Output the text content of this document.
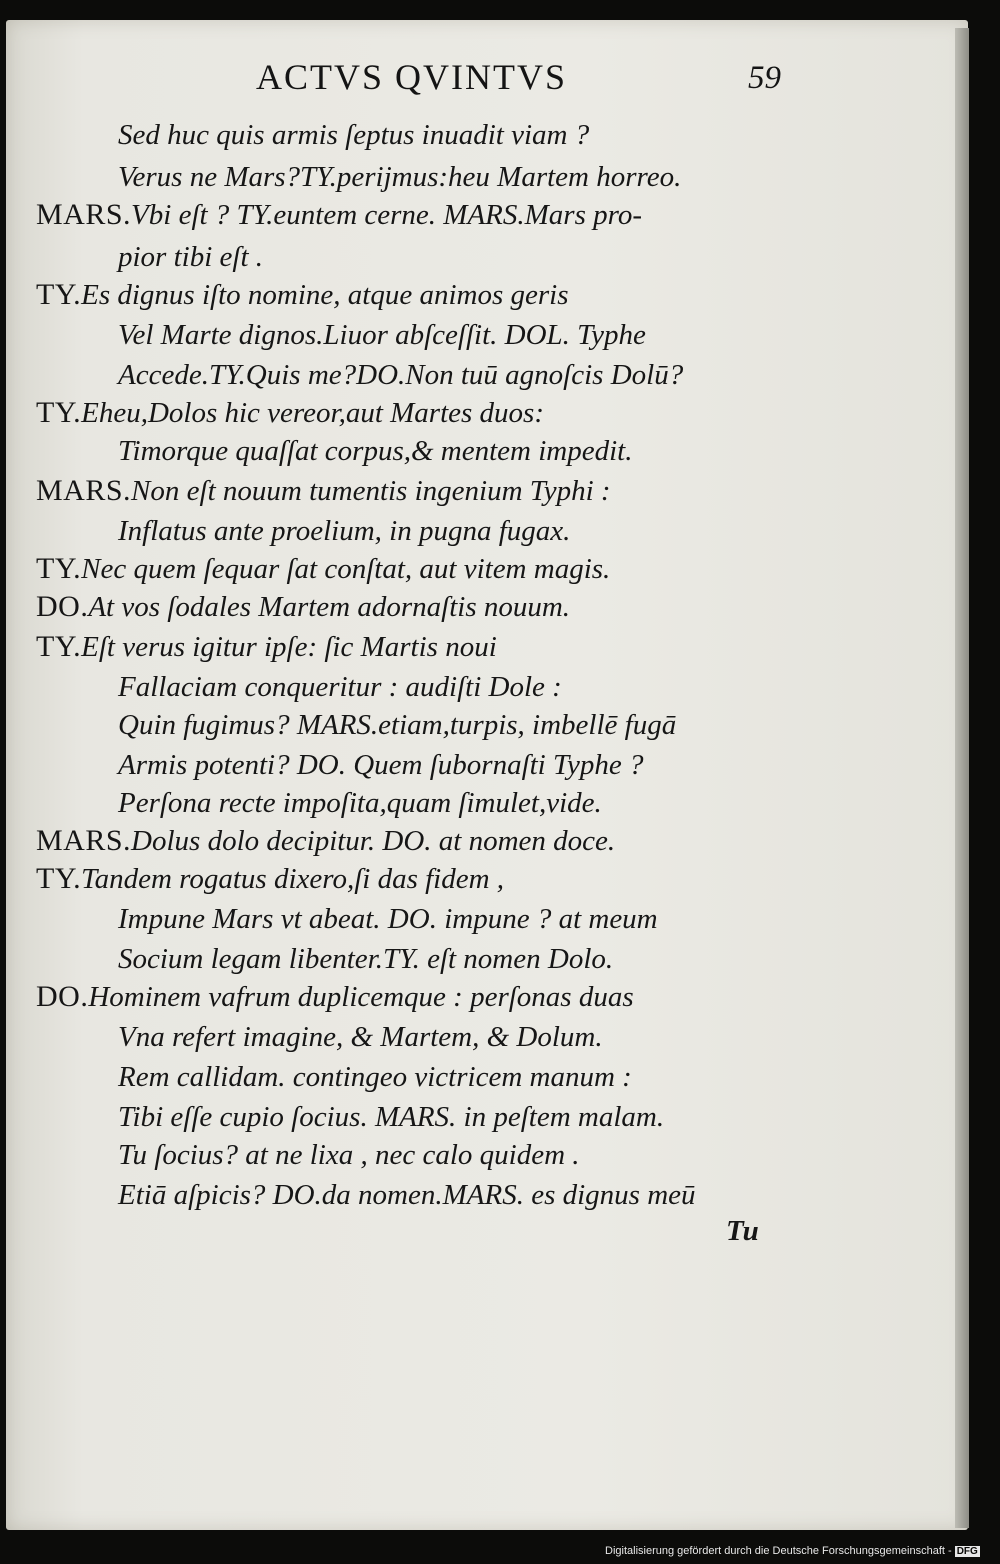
ACTVS QVINTVS	59
Sed huc quis armis ſeptus inuadit viam ?
Verus ne Mars?TY.perijmus:heu Martem horreo.
MARS.Vbi eſt ? TY.euntem cerne. MARS.Mars pro-
pior tibi eſt .
TY.Es dignus iſto nomine, atque animos geris
Vel Marte dignos.Liuor abſceſſit. DOL. Typhe
Accede.TY.Quis me?DO.Non tuū agnoſcis Dolū?
TY.Eheu,Dolos hic vereor,aut Martes duos:
Timorque quaſſat corpus,& mentem impedit.
MARS.Non eſt nouum tumentis ingenium Typhi :
Inflatus ante proelium, in pugna fugax.
TY.Nec quem ſequar ſat conſtat, aut vitem magis.
DO.At vos ſodales Martem adornaſtis nouum.
TY.Eſt verus igitur ipſe: ſic Martis noui
Fallaciam conqueritur : audiſti Dole :
Quin fugimus? MARS.etiam,turpis, imbellē fugā
Armis potenti? DO. Quem ſubornaſti Typhe ?
Perſona recte impoſita,quam ſimulet,vide.
MARS.Dolus dolo decipitur. DO. at nomen doce.
TY.Tandem rogatus dixero,ſi das fidem ,
Impune Mars vt abeat. DO. impune ? at meum
Socium legam libenter.TY. eſt nomen Dolo.
DO.Hominem vafrum duplicemque : perſonas duas
Vna refert imagine, & Martem, & Dolum.
Rem callidam. contingeo victricem manum :
Tibi eſſe cupio ſocius. MARS. in peſtem malam.
Tu ſocius? at ne lixa , nec calo quidem .
Etiā aſpicis? DO.da nomen.MARS. es dignus meū
Tu
Digitalisierung gefördert durch die Deutsche Forschungsgemeinschaft - DFG
